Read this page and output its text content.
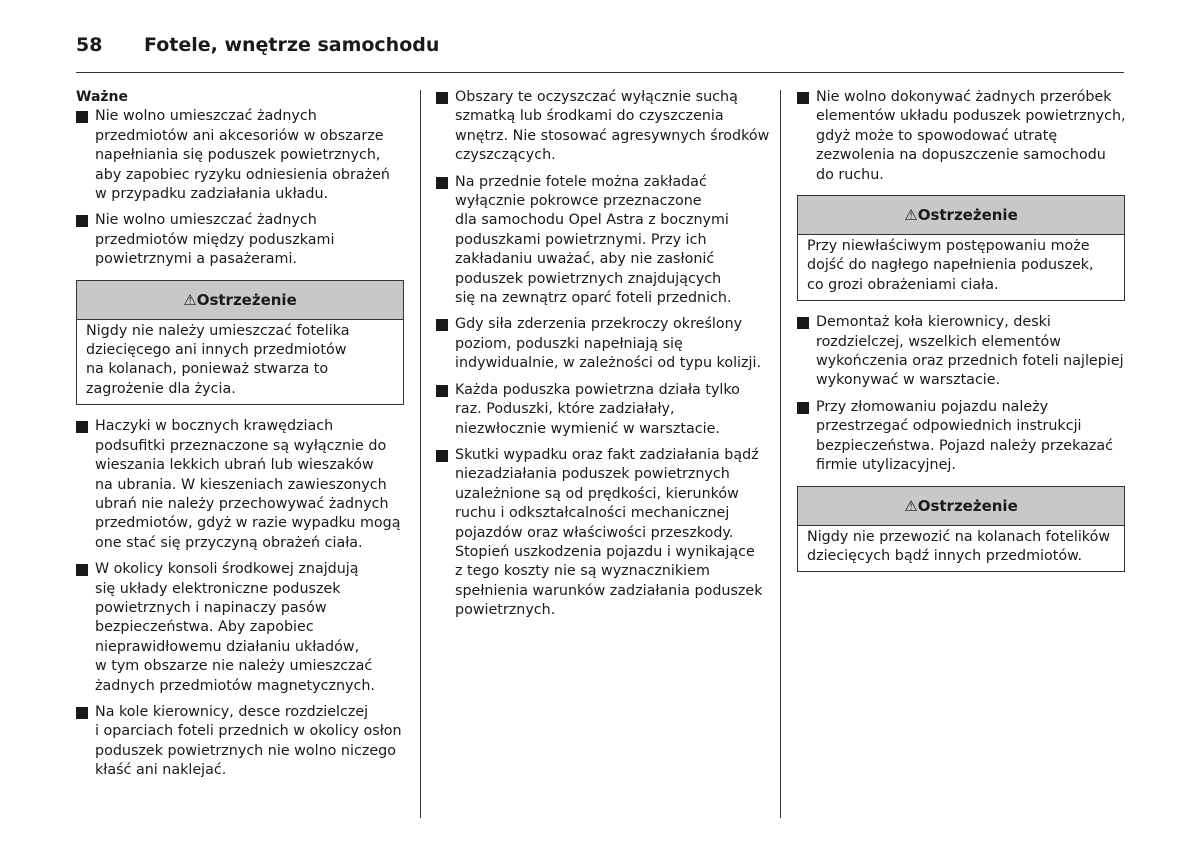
58	Fotele, wnętrze samochodu
Ważne
Nie wolno umieszczać żadnych
przedmiotów ani akcesoriów w obszarze
napełniania się poduszek powietrznych,
aby zapobiec ryzyku odniesienia obrażeń
w przypadku zadziałania układu.
Nie wolno umieszczać żadnych
przedmiotów między poduszkami
powietrznymi a pasażerami.
⚠Ostrzeżenie
Nigdy nie należy umieszczać fotelika
dziecięcego ani innych przedmiotów
na kolanach, ponieważ stwarza to
zagrożenie dla życia.
Haczyki w bocznych krawędziach
podsufitki przeznaczone są wyłącznie do
wieszania lekkich ubrań lub wieszaków
na ubrania. W kieszeniach zawieszonych
ubrań nie należy przechowywać żadnych
przedmiotów, gdyż w razie wypadku mogą
one stać się przyczyną obrażeń ciała.
W okolicy konsoli środkowej znajdują
się układy elektroniczne poduszek
powietrznych i napinaczy pasów
bezpieczeństwa. Aby zapobiec
nieprawidłowemu działaniu układów,
w tym obszarze nie należy umieszczać
żadnych przedmiotów magnetycznych.
Na kole kierownicy, desce rozdzielczej
i oparciach foteli przednich w okolicy osłon
poduszek powietrznych nie wolno niczego
kłaść ani naklejać.
Obszary te oczyszczać wyłącznie suchą
szmatką lub środkami do czyszczenia
wnętrz. Nie stosować agresywnych środków
czyszczących.
Na przednie fotele można zakładać
wyłącznie pokrowce przeznaczone
dla samochodu Opel Astra z bocznymi
poduszkami powietrznymi. Przy ich
zakładaniu uważać, aby nie zasłonić
poduszek powietrznych znajdujących
się na zewnątrz oparć foteli przednich.
Gdy siła zderzenia przekroczy określony
poziom, poduszki napełniają się
indywidualnie, w zależności od typu kolizji.
Każda poduszka powietrzna działa tylko
raz. Poduszki, które zadziałały,
niezwłocznie wymienić w warsztacie.
Skutki wypadku oraz fakt zadziałania bądź
niezadziałania poduszek powietrznych
uzależnione są od prędkości, kierunków
ruchu i odkształcalności mechanicznej
pojazdów oraz właściwości przeszkody.
Stopień uszkodzenia pojazdu i wynikające
z tego koszty nie są wyznacznikiem
spełnienia warunków zadziałania poduszek
powietrznych.
Nie wolno dokonywać żadnych przeróbek
elementów układu poduszek powietrznych,
gdyż może to spowodować utratę
zezwolenia na dopuszczenie samochodu
do ruchu.
⚠Ostrzeżenie
Przy niewłaściwym postępowaniu może
dojść do nagłego napełnienia poduszek,
co grozi obrażeniami ciała.
Demontaż koła kierownicy, deski
rozdzielczej, wszelkich elementów
wykończenia oraz przednich foteli najlepiej
wykonywać w warsztacie.
Przy złomowaniu pojazdu należy
przestrzegać odpowiednich instrukcji
bezpieczeństwa. Pojazd należy przekazać
firmie utylizacyjnej.
⚠Ostrzeżenie
Nigdy nie przewozić na kolanach fotelików
dziecięcych bądź innych przedmiotów.
